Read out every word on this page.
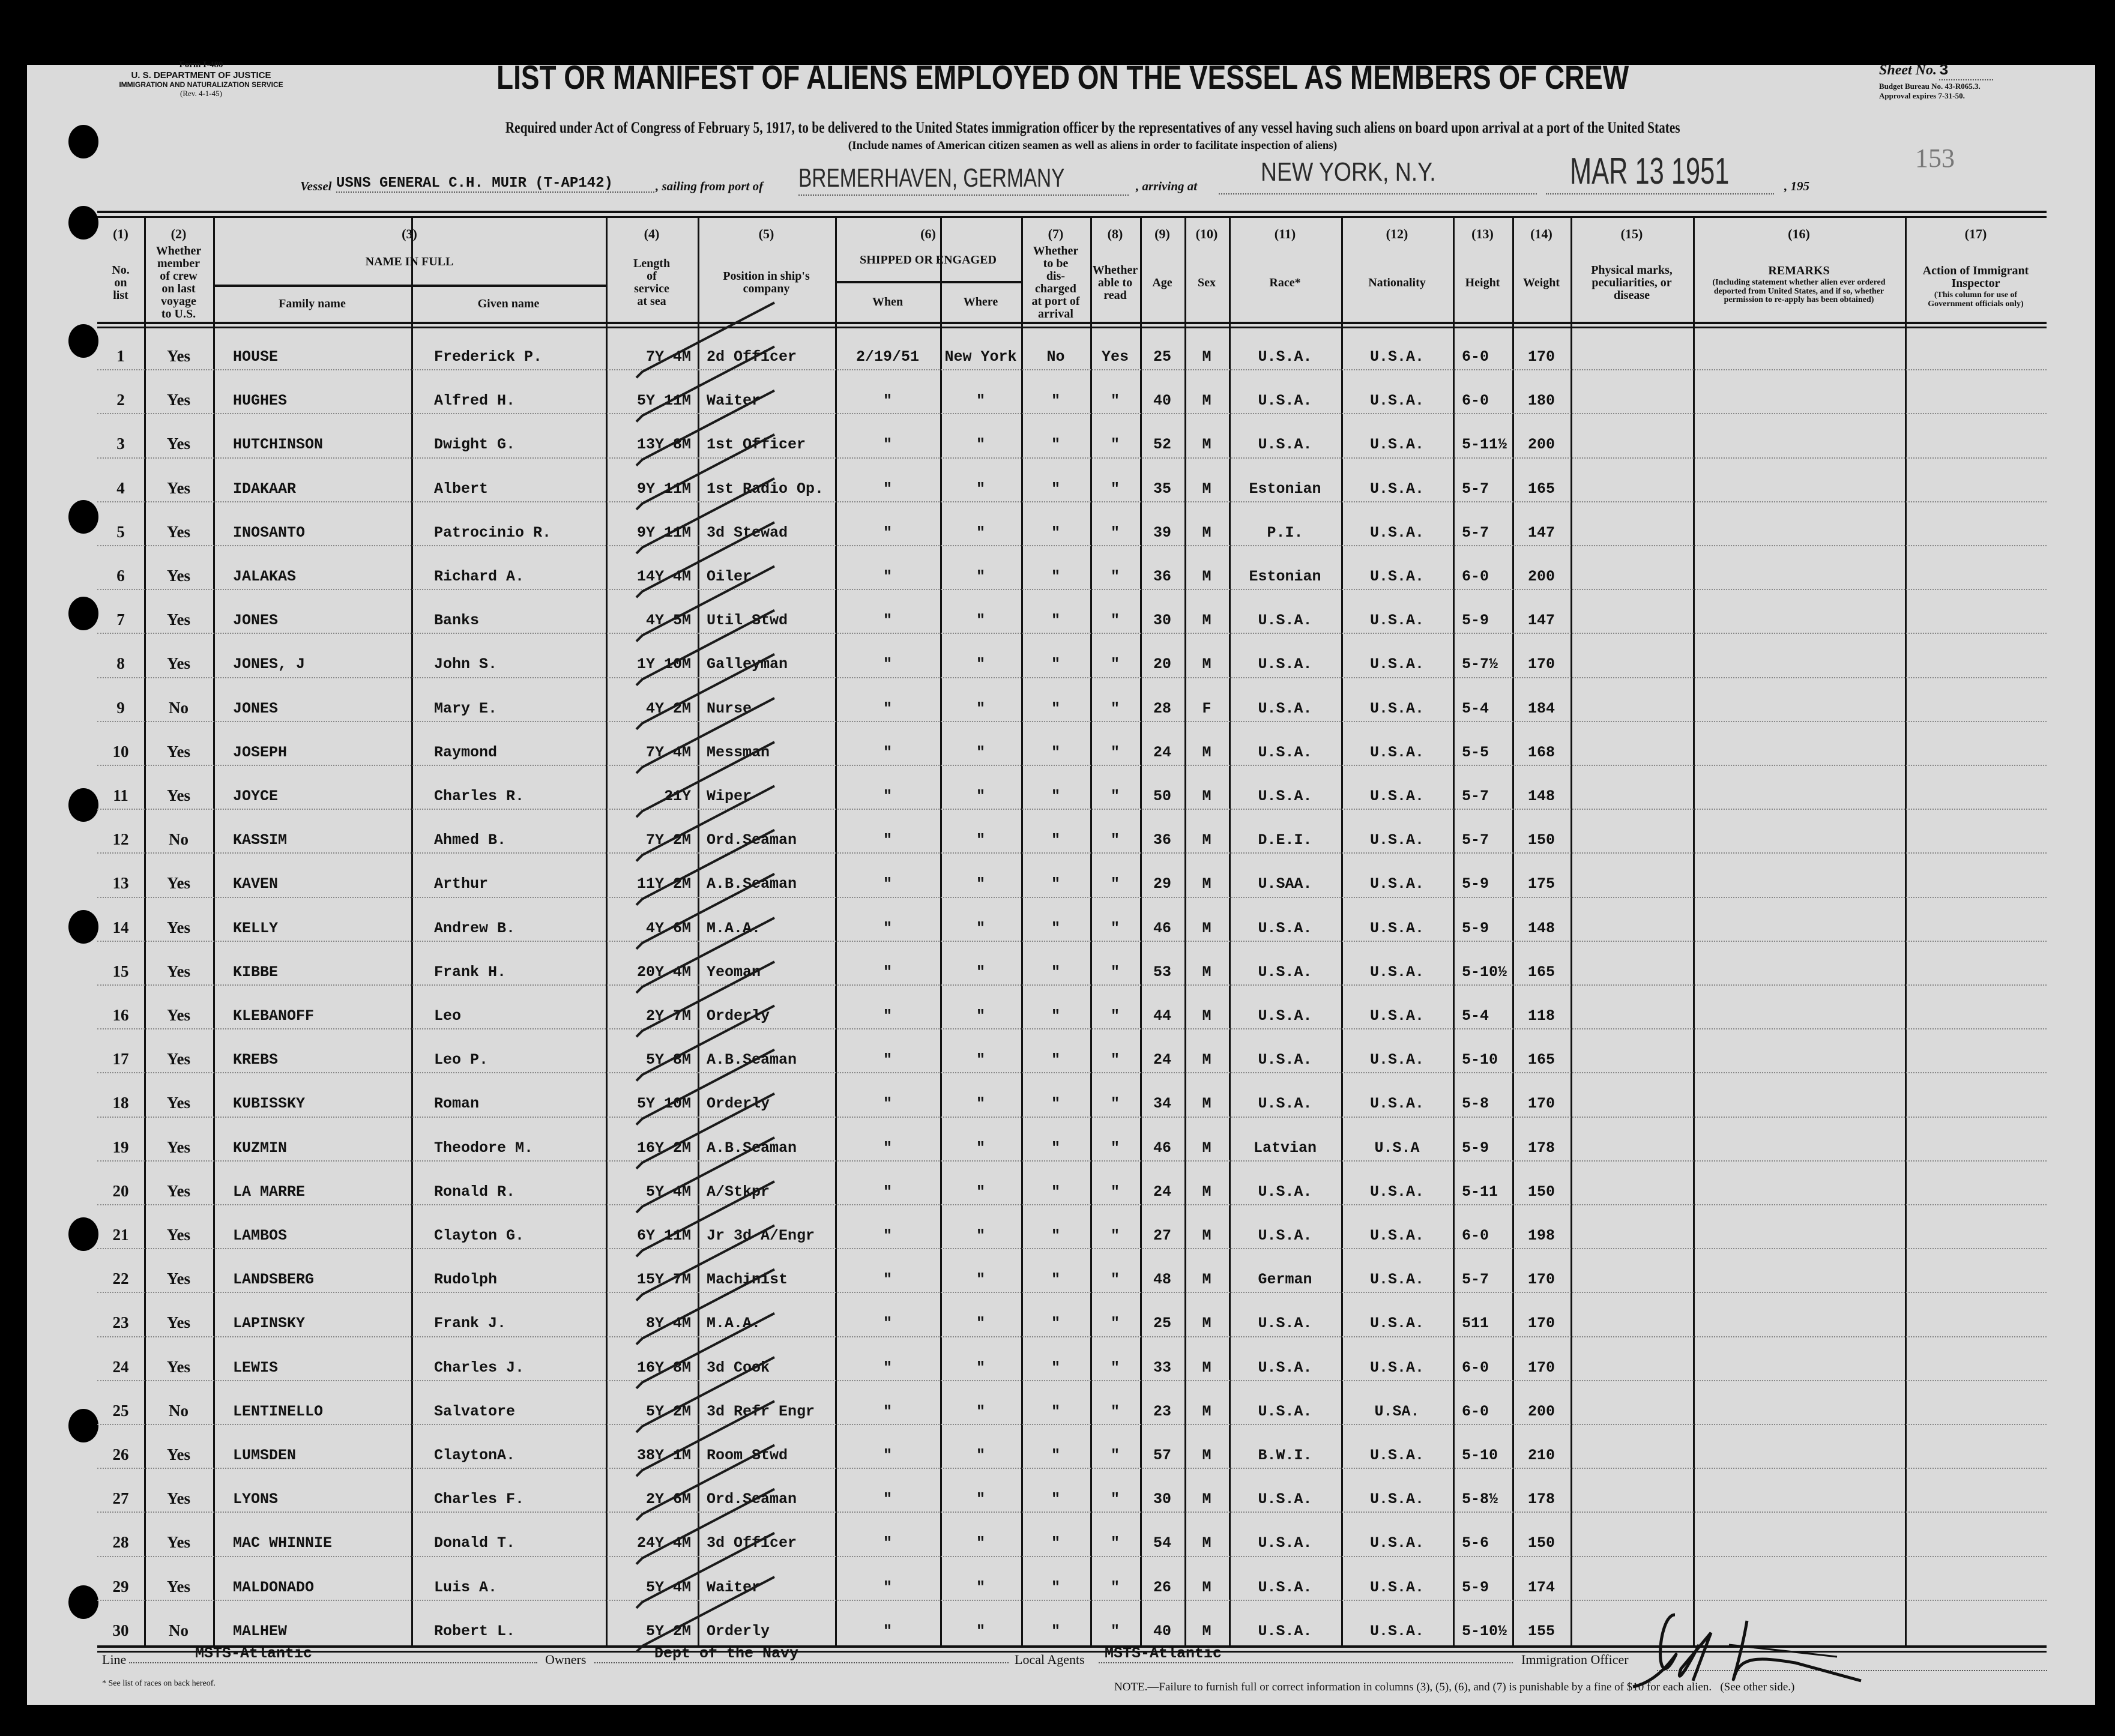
Form I-480
U. S. DEPARTMENT OF JUSTICE
IMMIGRATION AND NATURALIZATION SERVICE
(Rev. 4-1-45)	LIST OR MANIFEST OF ALIENS EMPLOYED ON THE VESSEL AS MEMBERS OF CREW
Required under Act of Congress of February 5, 1917, to be delivered to the United States immigration officer by the representatives of any vessel having such aliens on board upon arrival at a port of the United States
(Include names of American citizen seamen as well as aliens in order to facilitate inspection of aliens)
Sheet No. 3
Budget Bureau No. 43-R065.3.
Approval expires 7-31-50.
153
Vessel USNS GENERAL C.H. MUIR (T-AP142)	, sailing from port of BREMERHAVEN, GERMANY	, arriving at	NEW YORK, N.Y.	MAR 13 1951	, 195
(1)
No.
on
list
(2)
Whether
member
of crew
on last
voyage
to U.S.
(3)
NAME IN FULL
(4)
Length
of
service
at sea
(5)
Position in ship's
company
(6)
SHIPPED OR ENGAGED
(7)
Whether
to be
dis-
charged
at port of
arrival
(8)
Whether
able to
read
(9)
Age
(10)
Sex
(11)
Race*
(12)
Nationality
(13)
Height
(14)
Weight
(15)
Physical marks,
peculiarities, or
disease
(16)
REMARKS
(Including statement whether alien ever ordered deported from United States, and if so, whether permission to re-apply has been obtained)
(17)
Action of Immigrant
Inspector
(This column for use of Government officials only)
Family name	Given name	When	Where
1	Yes	HOUSE	Frederick P.	7Y 4M	2d Officer	2/19/51	New York	No	Yes	25	M	U.S.A.	U.S.A.	6-0	170
2	Yes	HUGHES	Alfred H.	5Y 11M	Waiter	"	"	"	"	40	M	U.S.A.	U.S.A.	6-0	180
3	Yes	HUTCHINSON	Dwight G.	13Y 8M	1st Officer	"	"	"	"	52	M	U.S.A.	U.S.A.	5-11½	200
4	Yes	IDAKAAR	Albert	9Y 11M	1st Radio Op.	"	"	"	"	35	M	Estonian	U.S.A.	5-7	165
5	Yes	INOSANTO	Patrocinio R.	9Y 11M	3d Stewad	"	"	"	"	39	M	P.I.	U.S.A.	5-7	147
6	Yes	JALAKAS	Richard A.	14Y 4M	Oiler	"	"	"	"	36	M	Estonian	U.S.A.	6-0	200
7	Yes	JONES	Banks	4Y 5M	Util Stwd	"	"	"	"	30	M	U.S.A.	U.S.A.	5-9	147
8	Yes	JONES, J	John S.	1Y 10M	Galleyman	"	"	"	"	20	M	U.S.A.	U.S.A.	5-7½	170
9	No	JONES	Mary E.	4Y 2M	Nurse	"	"	"	"	28	F	U.S.A.	U.S.A.	5-4	184
10	Yes	JOSEPH	Raymond	7Y 4M	Messman	"	"	"	"	24	M	U.S.A.	U.S.A.	5-5	168
11	Yes	JOYCE	Charles R.	21Y	Wiper	"	"	"	"	50	M	U.S.A.	U.S.A.	5-7	148
12	No	KASSIM	Ahmed B.	7Y 2M	Ord.Seaman	"	"	"	"	36	M	D.E.I.	U.S.A.	5-7	150
13	Yes	KAVEN	Arthur	11Y 2M	A.B.Seaman	"	"	"	"	29	M	U.SAA.	U.S.A.	5-9	175
14	Yes	KELLY	Andrew B.	4Y 6M	M.A.A.	"	"	"	"	46	M	U.S.A.	U.S.A.	5-9	148
15	Yes	KIBBE	Frank H.	20Y 4M	Yeoman	"	"	"	"	53	M	U.S.A.	U.S.A.	5-10½	165
16	Yes	KLEBANOFF	Leo	2Y 7M	Orderly	"	"	"	"	44	M	U.S.A.	U.S.A.	5-4	118
17	Yes	KREBS	Leo P.	5Y 8M	A.B.Seaman	"	"	"	"	24	M	U.S.A.	U.S.A.	5-10	165
18	Yes	KUBISSKY	Roman	5Y 10M	Orderly	"	"	"	"	34	M	U.S.A.	U.S.A.	5-8	170
19	Yes	KUZMIN	Theodore M.	16Y 2M	A.B.Seaman	"	"	"	"	46	M	Latvian	U.S.A	5-9	178
20	Yes	LA MARRE	Ronald R.	5Y 4M	A/Stkpr	"	"	"	"	24	M	U.S.A.	U.S.A.	5-11	150
21	Yes	LAMBOS	Clayton G.	6Y 11M	Jr 3d A/Engr	"	"	"	"	27	M	U.S.A.	U.S.A.	6-0	198
22	Yes	LANDSBERG	Rudolph	15Y 7M	Machinist	"	"	"	"	48	M	German	U.S.A.	5-7	170
23	Yes	LAPINSKY	Frank J.	8Y 4M	M.A.A.	"	"	"	"	25	M	U.S.A.	U.S.A.	511	170
24	Yes	LEWIS	Charles J.	16Y 8M	3d Cook	"	"	"	"	33	M	U.S.A.	U.S.A.	6-0	170
25	No	LENTINELLO	Salvatore	5Y 2M	3d Refr Engr	"	"	"	"	23	M	U.S.A.	U.SA.	6-0	200
26	Yes	LUMSDEN	ClaytonA.	38Y 1M	Room Stwd	"	"	"	"	57	M	B.W.I.	U.S.A.	5-10	210
27	Yes	LYONS	Charles F.	2Y 6M	Ord.Seaman	"	"	"	"	30	M	U.S.A.	U.S.A.	5-8½	178
28	Yes	MAC WHINNIE	Donald T.	24Y 4M	3d Officer	"	"	"	"	54	M	U.S.A.	U.S.A.	5-6	150
29	Yes	MALDONADO	Luis A.	5Y 4M	Waiter	"	"	"	"	26	M	U.S.A.	U.S.A.	5-9	174
30	No	MALHEW	Robert L.	5Y 2M	Orderly	"	"	"	"	40	M	U.S.A.	U.S.A.	5-10½	155
Line	MSTS-Atlantic	Owners	Dept of the Navy	Local Agents	MSTS-Atlantic	Immigration Officer
* See list of races on back hereof.	NOTE.—Failure to furnish full or correct information in columns (3), (5), (6), and (7) is punishable by a fine of $10 for each alien.   (See other side.)
